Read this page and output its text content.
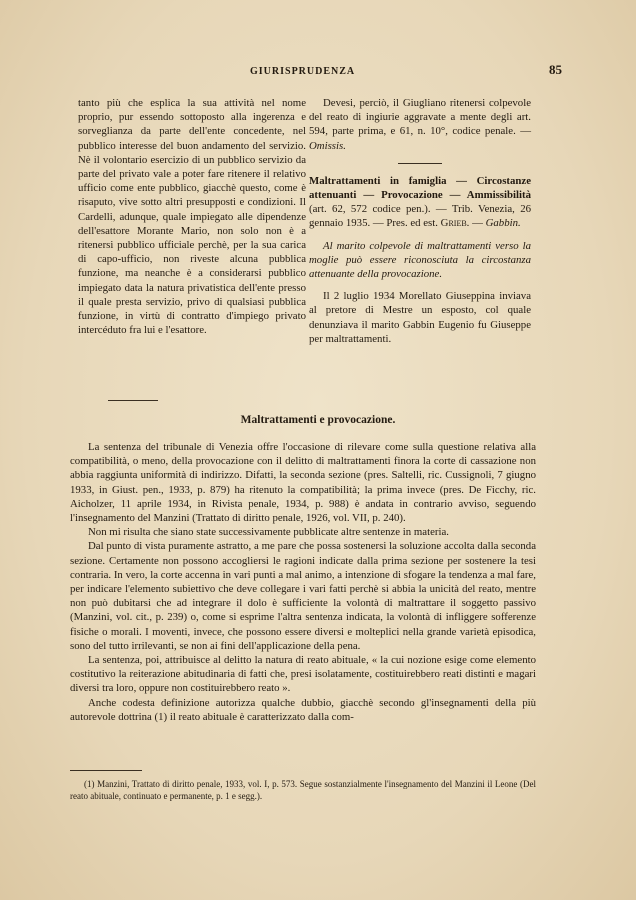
GIURISPRUDENZA	85

tanto più che esplica la sua attività nel nome proprio, pur essendo sottoposto alla ingerenza e sorveglianza da parte dell'ente concedente, nel pubblico interesse del buon andamento del servizio. Nè il volontario esercizio di un pubblico servizio da parte del privato vale a poter fare ritenere il relativo ufficio come ente pubblico, giacchè questo, come è risaputo, vive sotto altri presupposti e condizioni. Il Cardelli, adunque, quale impiegato alle dipendenze dell'esattore Morante Mario, non solo non è a ritenersi pubblico ufficiale perchè, per la sua carica di capo-ufficio, non riveste alcuna pubblica funzione, ma neanche è a considerarsi pubblico impiegato data la natura privatistica dell'ente presso il quale presta servizio, privo di qualsiasi pubblica funzione, in virtù di contratto d'impiego privato intercéduto fra lui e l'esattore.

Devesi, perciò, il Giugliano ritenersi colpevole del reato di ingiurie aggravate a mente degli art. 594, parte prima, e 61, n. 10°, codice penale. — Omissis.

Maltrattamenti in famiglia — Circostanze attenuanti — Provocazione — Ammissibilità (art. 62, 572 codice pen.). — Trib. Venezia, 26 gennaio 1935. — Pres. ed est. Grieb. — Gabbin.

Al marito colpevole di maltrattamenti verso la moglie può essere riconosciuta la circostanza attenuante della provocazione.

Il 2 luglio 1934 Morellato Giuseppina inviava al pretore di Mestre un esposto, col quale denunziava il marito Gabbin Eugenio fu Giuseppe per maltrattamenti.

Maltrattamenti e provocazione.

La sentenza del tribunale di Venezia offre l'occasione di rilevare come sulla questione relativa alla compatibilità, o meno, della provocazione con il delitto di maltrattamenti finora la corte di cassazione non abbia raggiunta uniformità di indirizzo. Difatti, la seconda sezione (pres. Saltelli, ric. Cussignoli, 7 giugno 1933, in Giust. pen., 1933, p. 879) ha ritenuto la compatibilità; la prima invece (pres. De Ficchy, ric. Aicholzer, 11 aprile 1934, in Rivista penale, 1934, p. 988) è andata in contrario avviso, seguendo l'insegnamento del Manzini (Trattato di diritto penale, 1926, vol. VII, p. 240).

Non mi risulta che siano state successivamente pubblicate altre sentenze in materia.

Dal punto di vista puramente astratto, a me pare che possa sostenersi la soluzione accolta dalla seconda sezione. Certamente non possono accogliersi le ragioni indicate dalla prima sezione per sostenere la tesi contraria. In vero, la corte accenna in vari punti a mal animo, a intenzione di sfogare la tendenza a mal fare, per indicare l'elemento subiettivo che deve collegare i vari fatti perchè si abbia la unicità del reato, mentre non può dubitarsi che ad integrare il dolo è sufficiente la volontà di maltrattare il soggetto passivo (Manzini, vol. cit., p. 239) o, come si esprime l'altra sentenza indicata, la volontà di infliggere sofferenze fisiche o morali. I moventi, invece, che possono essere diversi e molteplici nella grande varietà episodica, sono del tutto irrilevanti, se non ai fini dell'applicazione della pena.

La sentenza, poi, attribuisce al delitto la natura di reato abituale, « la cui nozione esige come elemento costitutivo la reiterazione abitudinaria di fatti che, presi isolatamente, costituirebbero reati distinti e magari diversi tra loro, oppure non costituirebbero reato ».

Anche codesta definizione autorizza qualche dubbio, giacchè secondo gl'insegnamenti della più autorevole dottrina (1) il reato abituale è caratterizzato dalla com-

(1) Manzini, Trattato di diritto penale, 1933, vol. I, p. 573. Segue sostanzialmente l'insegnamento del Manzini il Leone (Del reato abituale, continuato e permanente, p. 1 e segg.).
